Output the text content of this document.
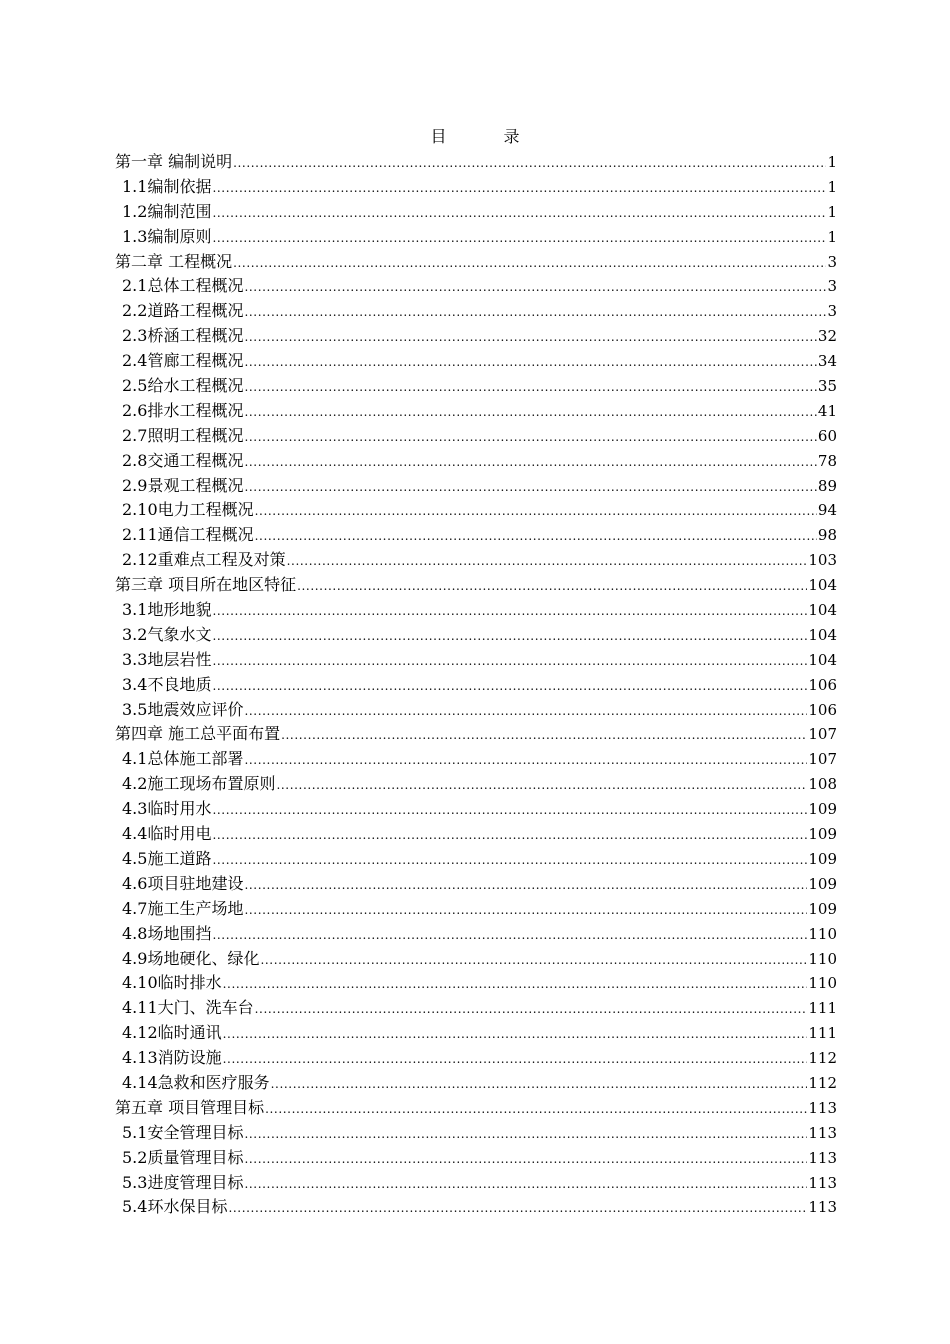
目 录
第一章 编制说明 .....	1
1.1编制依据 .....	1
1.2编制范围 .....	1
1.3编制原则 .....	1
第二章 工程概况 .....	3
2.1总体工程概况 .....	3
2.2道路工程概况 .....	3
2.3桥涵工程概况 .....	32
2.4管廊工程概况 .....	34
2.5给水工程概况 .....	35
2.6排水工程概况 .....	41
2.7照明工程概况 .....	60
2.8交通工程概况 .....	78
2.9景观工程概况 .....	89
2.10电力工程概况 .....	94
2.11通信工程概况 .....	98
2.12重难点工程及对策 .....	103
第三章 项目所在地区特征 .....	104
3.1地形地貌 .....	104
3.2气象水文 .....	104
3.3地层岩性 .....	104
3.4不良地质 .....	106
3.5地震效应评价 .....	106
第四章 施工总平面布置 .....	107
4.1总体施工部署 .....	107
4.2施工现场布置原则 .....	108
4.3临时用水 .....	109
4.4临时用电 .....	109
4.5施工道路 .....	109
4.6项目驻地建设 .....	109
4.7施工生产场地 .....	109
4.8场地围挡 .....	110
4.9场地硬化、绿化 .....	110
4.10临时排水 .....	110
4.11大门、洗车台 .....	111
4.12临时通讯 .....	111
4.13消防设施 .....	112
4.14急救和医疗服务 .....	112
第五章 项目管理目标 .....	113
5.1安全管理目标 .....	113
5.2质量管理目标 .....	113
5.3进度管理目标 .....	113
5.4环水保目标 .....	113
